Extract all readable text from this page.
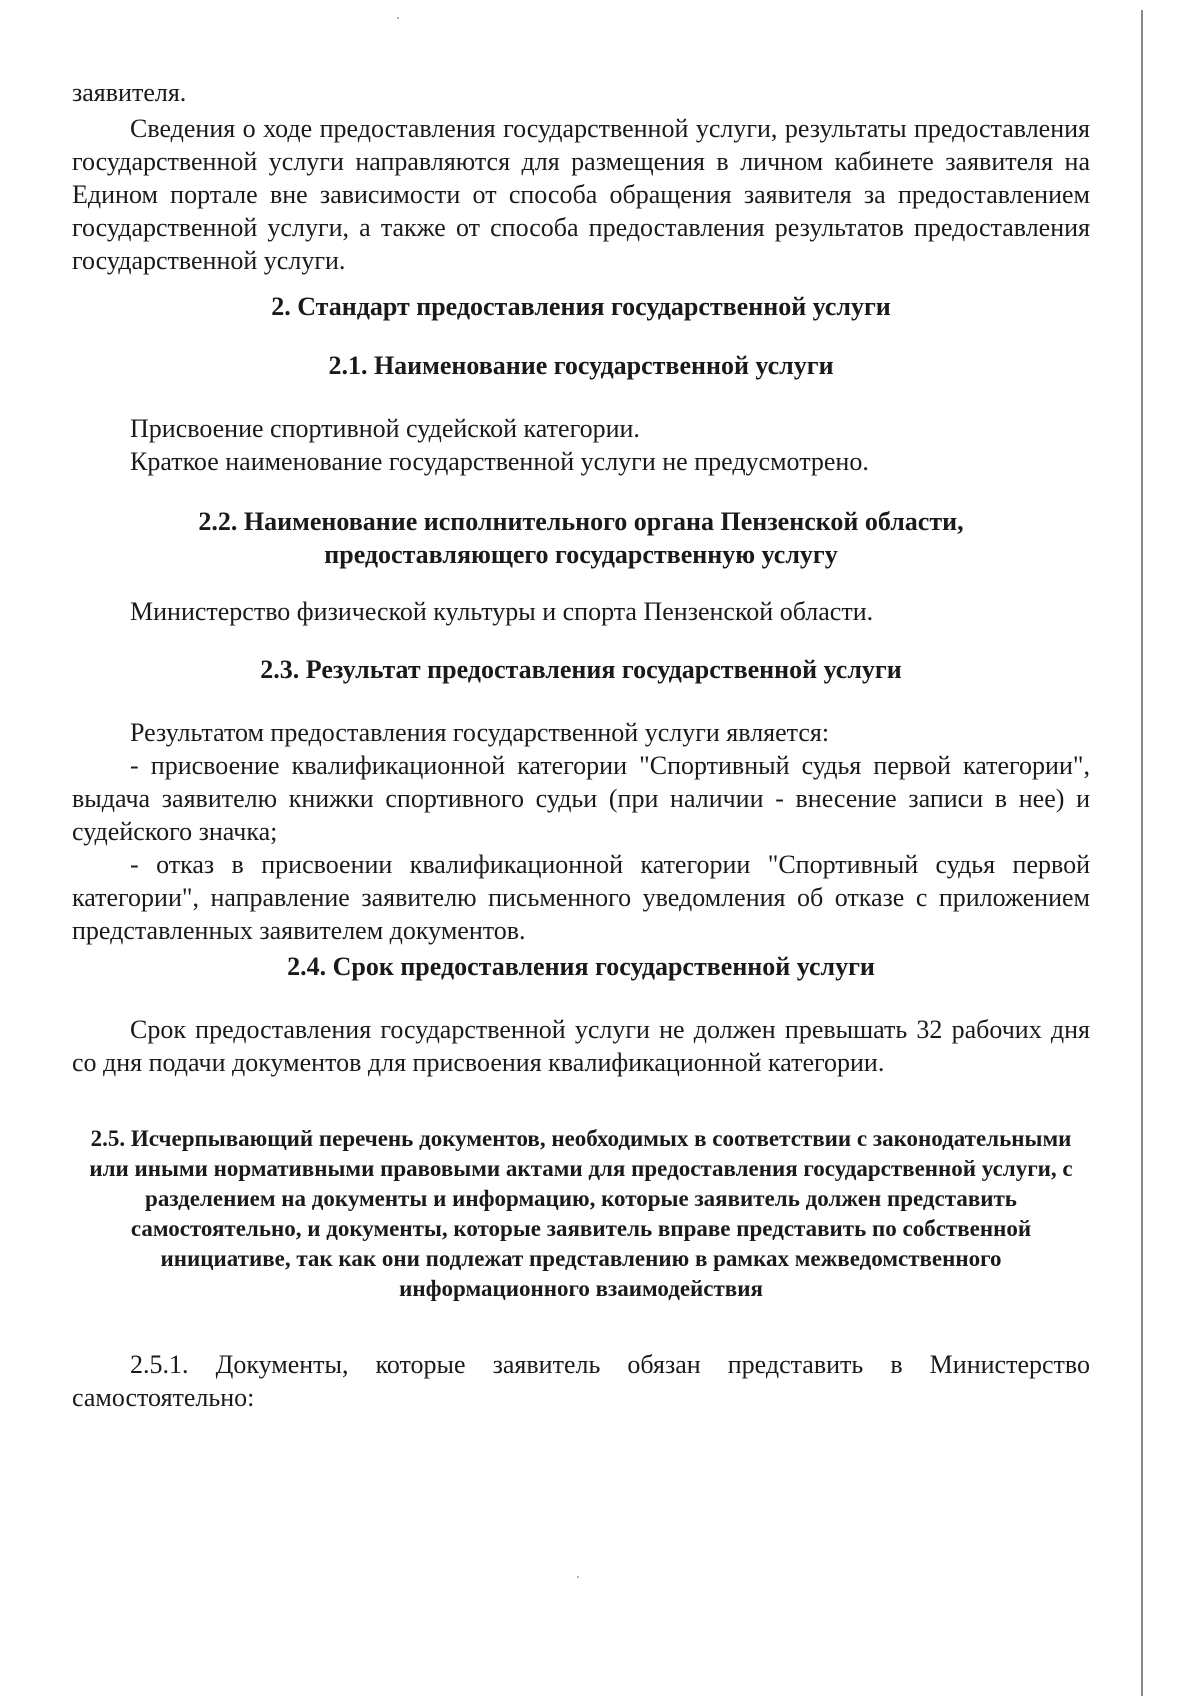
заявителя.

Сведения о ходе предоставления государственной услуги, результаты предоставления государственной услуги направляются для размещения в личном кабинете заявителя на Едином портале вне зависимости от способа обращения заявителя за предоставлением государственной услуги, а также от способа предоставления результатов предоставления государственной услуги.

2. Стандарт предоставления государственной услуги
2.1. Наименование государственной услуги

Присвоение спортивной судейской категории.

Краткое наименование государственной услуги не предусмотрено.

2.2. Наименование исполнительного органа Пензенской области,

предоставляющего государственную услугу

Министерство физической культуры и спорта Пензенской области.

2.3. Результат предоставления государственной услуги

Результатом предоставления государственной услуги является:

- присвоение квалификационной категории "Спортивный судья первой категории", выдача заявителю книжки спортивного судьи (при наличии - внесение записи в нее) и судейского значка;

- отказ в присвоении квалификационной категории "Спортивный судья первой категории", направление заявителю письменного уведомления об отказе с приложением представленных заявителем документов.

2.4. Срок предоставления государственной услуги

Срок предоставления государственной услуги не должен превышать 32 рабочих дня со дня подачи документов для присвоения квалификационной категории.

2.5. Исчерпывающий перечень документов, необходимых в соответствии с законодательными или иными нормативными правовыми актами для предоставления государственной услуги, с разделением на документы и информацию, которые заявитель должен представить самостоятельно, и документы, которые заявитель вправе представить по собственной инициативе, так как они подлежат представлению в рамках межведомственного информационного взаимодействия

2.5.1. Документы, которые заявитель обязан представить в Министерство самостоятельно:
